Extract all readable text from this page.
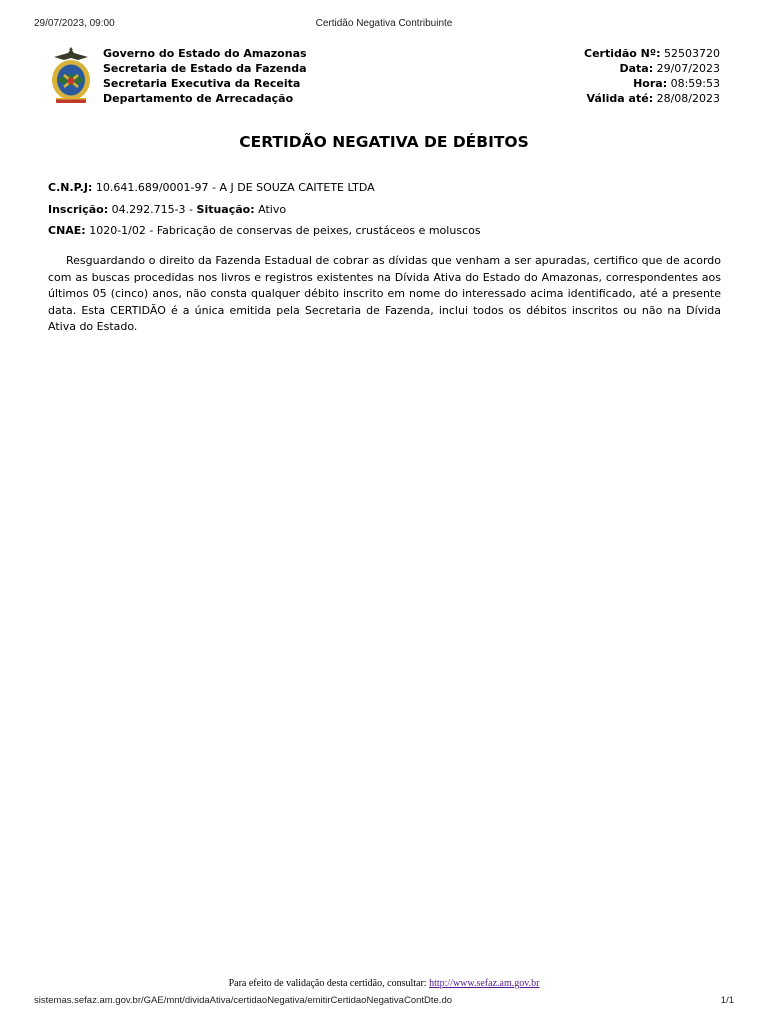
29/07/2023, 09:00	Certidão Negativa Contribuinte
Governo do Estado do Amazonas
Secretaria de Estado da Fazenda
Secretaria Executiva da Receita
Departamento de Arrecadação
Certidão Nº: 52503720
Data: 29/07/2023
Hora: 08:59:53
Válida até: 28/08/2023
CERTIDÃO NEGATIVA DE DÉBITOS
C.N.P.J: 10.641.689/0001-97 - A J DE SOUZA CAITETE LTDA
Inscrição: 04.292.715-3 - Situação: Ativo
CNAE: 1020-1/02 - Fabricação de conservas de peixes, crustáceos e moluscos
Resguardando o direito da Fazenda Estadual de cobrar as dívidas que venham a ser apuradas, certifico que de acordo com as buscas procedidas nos livros e registros existentes na Dívida Ativa do Estado do Amazonas, correspondentes aos últimos 05 (cinco) anos, não consta qualquer débito inscrito em nome do interessado acima identificado, até a presente data. Esta CERTIDÃO é a única emitida pela Secretaria de Fazenda, inclui todos os débitos inscritos ou não na Dívida Ativa do Estado.
Para efeito de validação desta certidão, consultar: http://www.sefaz.am.gov.br
sistemas.sefaz.am.gov.br/GAE/mnt/dividaAtiva/certidaoNegativa/emitirCertidaoNegativaContDte.do	1/1
